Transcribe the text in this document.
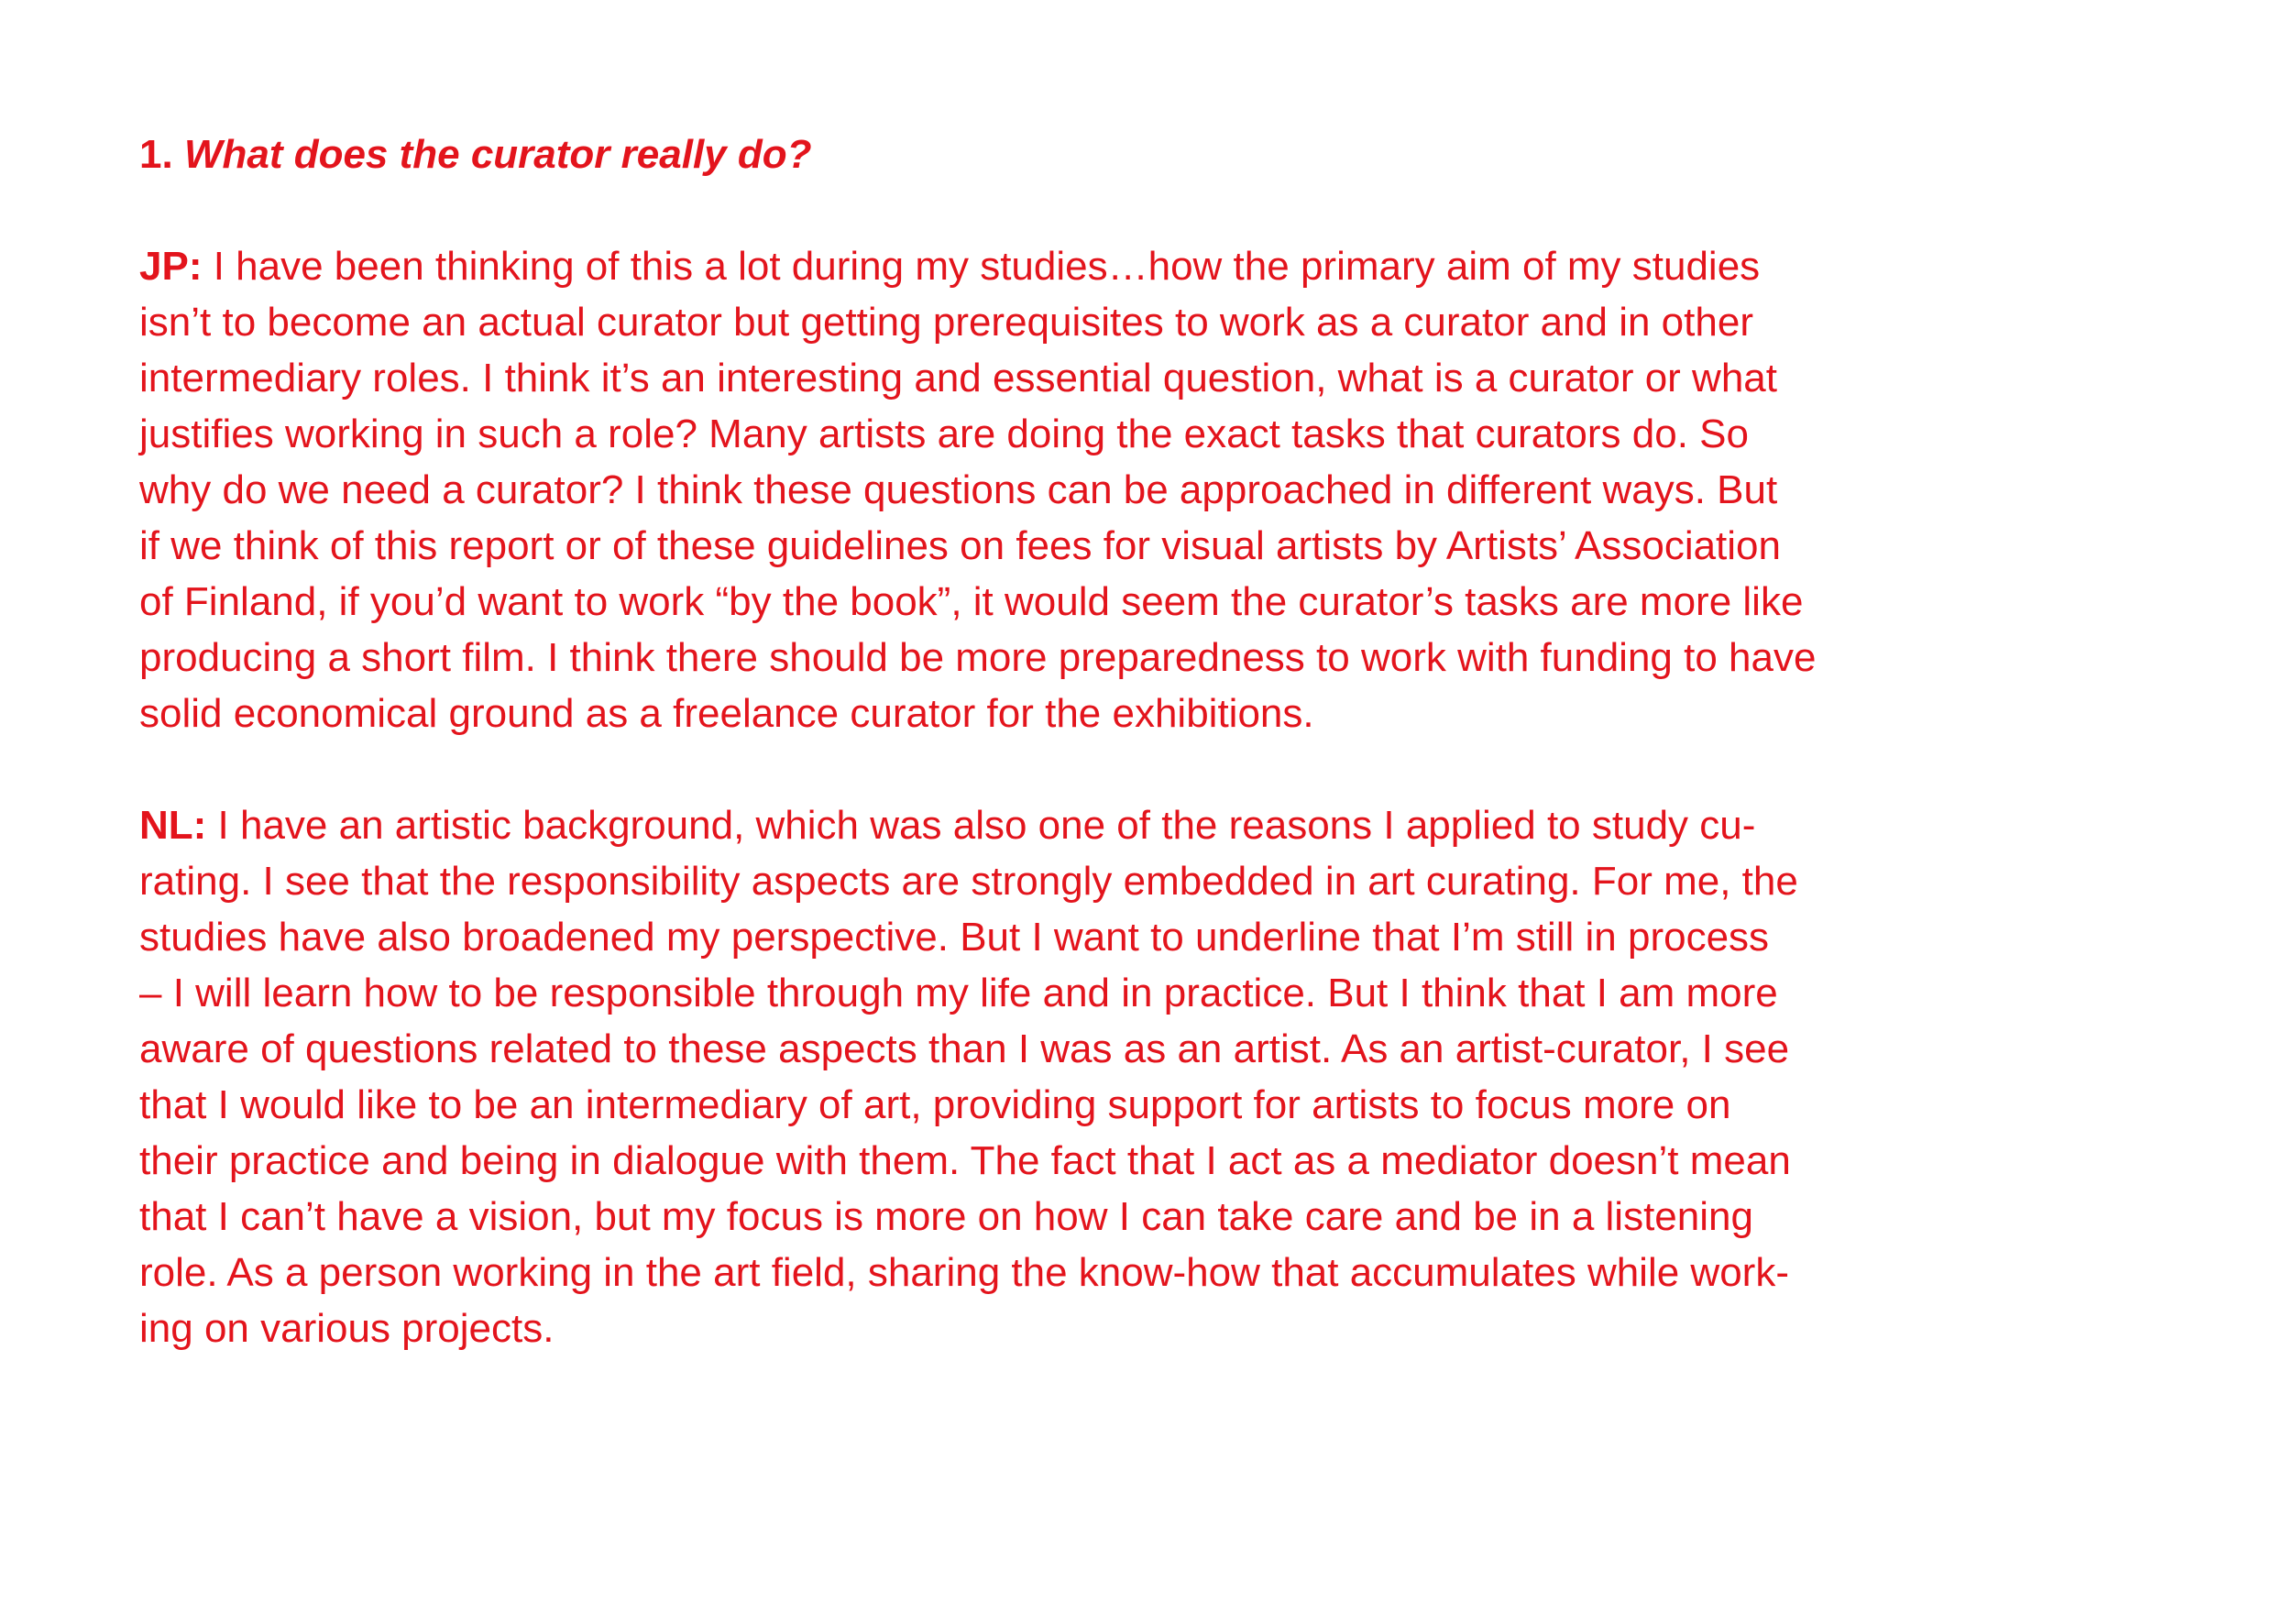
1. What does the curator really do?
JP: I have been thinking of this a lot during my studies…how the primary aim of my studies
isn’t to become an actual curator but getting prerequisites to work as a curator and in other
intermediary roles. I think it’s an interesting and essential question, what is a curator or what
justifies working in such a role? Many artists are doing the exact tasks that curators do. So
why do we need a curator? I think these questions can be approached in different ways. But
if we think of this report or of these guidelines on fees for visual artists by Artists’ Association
of Finland, if you’d want to work “by the book”, it would seem the curator’s tasks are more like
producing a short film. I think there should be more preparedness to work with funding to have
solid economical ground as a freelance curator for the exhibitions.
NL: I have an artistic background, which was also one of the reasons I applied to study cu-
rating. I see that the responsibility aspects are strongly embedded in art curating. For me, the
studies have also broadened my perspective. But I want to underline that I’m still in process
– I will learn how to be responsible through my life and in practice. But I think that I am more
aware of questions related to these aspects than I was as an artist. As an artist-curator, I see
that I would like to be an intermediary of art, providing support for artists to focus more on
their practice and being in dialogue with them. The fact that I act as a mediator doesn’t mean
that I can’t have a vision, but my focus is more on how I can take care and be in a listening
role. As a person working in the art field, sharing the know-how that accumulates while work-
ing on various projects.
